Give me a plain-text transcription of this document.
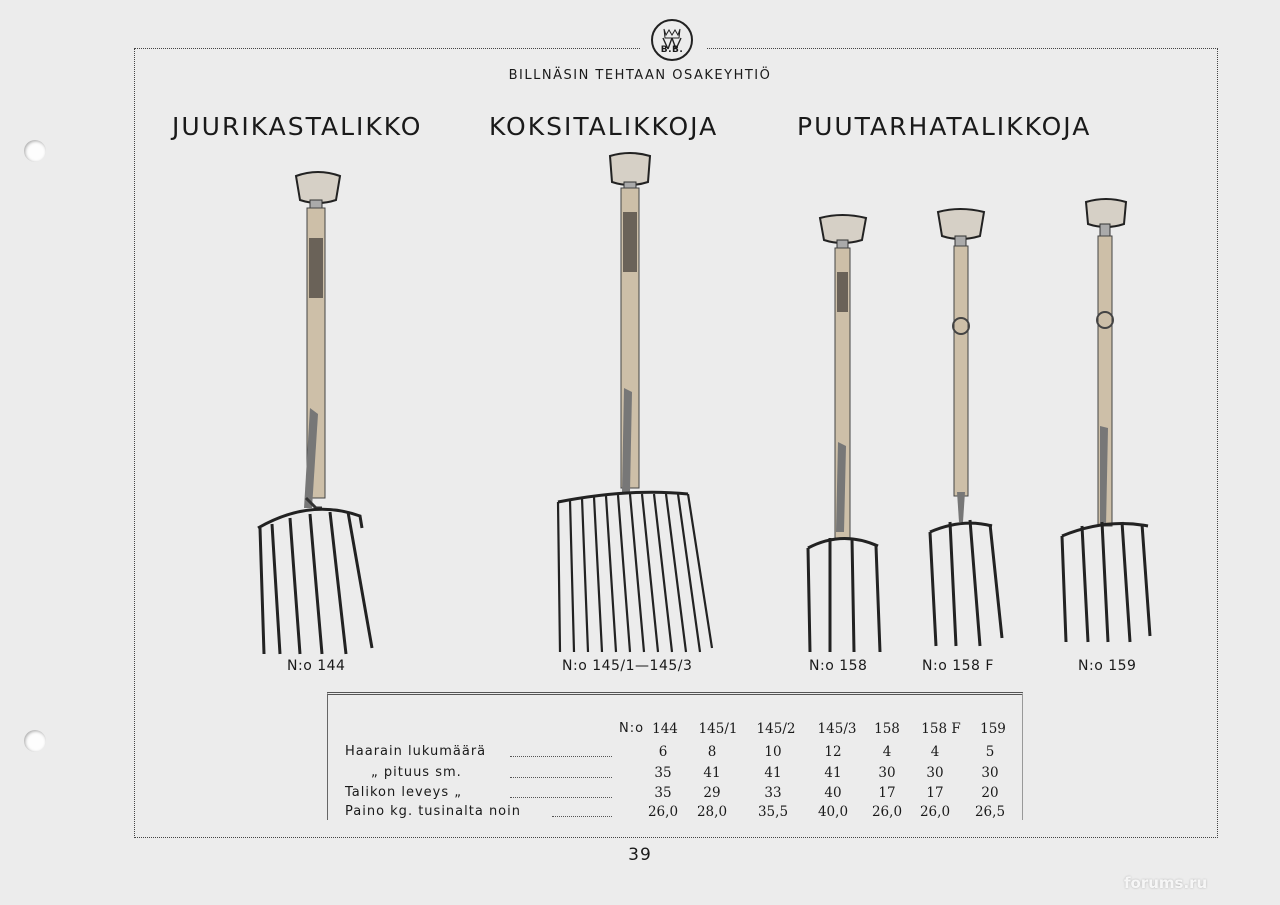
B.B.
BILLNÄSIN TEHTAAN OSAKEYHTIÖ
JUURIKASTALIKKO	KOKSITALIKKOJA	PUUTARHATALIKKOJA
N:o 144	N:o 145/1—145/3	N:o 158	N:o 158 F	N:o 159
N:o 144	145/1	145/2	145/3	158	158 F	159
Haarain lukumäärä	6	8	10	12	4	4	5
„ pituus sm.	35	41	41	41	30	30	30
Talikon leveys „	35	29	33	40	17	17	20
Paino kg. tusinalta noin	26,0	28,0	35,5	40,0	26,0	26,0	26,5
39
forums.ru
